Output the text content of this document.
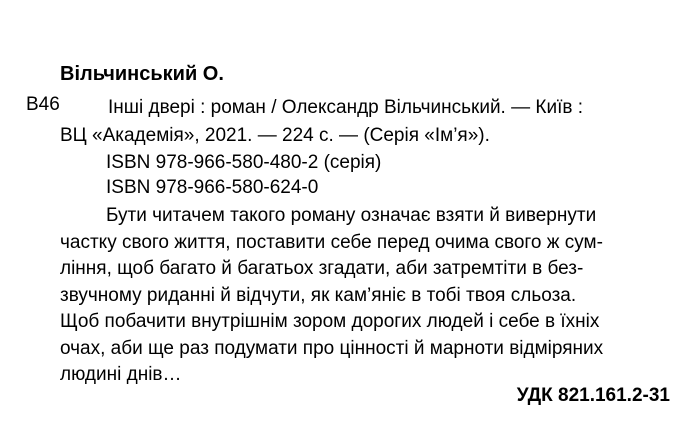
Вільчинський О.
В46	Інші двері : роман / Олександр Вільчинський. — Київ :
ВЦ «Академія», 2021. — 224 с. — (Серія «Ім’я»).
ISBN 978-966-580-480-2 (серія)
ISBN 978-966-580-624-0
Бути читачем такого роману означає взяти й вивернути
частку свого життя, поставити себе перед очима свого ж сум-
ління, щоб багато й багатьох згадати, аби затремтіти в без-
звучному риданні й відчути, як кам’яніє в тобі твоя сльоза.
Щоб побачити внутрішнім зором дорогих людей і себе в їхніх
очах, аби ще раз подумати про цінності й марноти відміряних
людині днів…
УДК 821.161.2-31
